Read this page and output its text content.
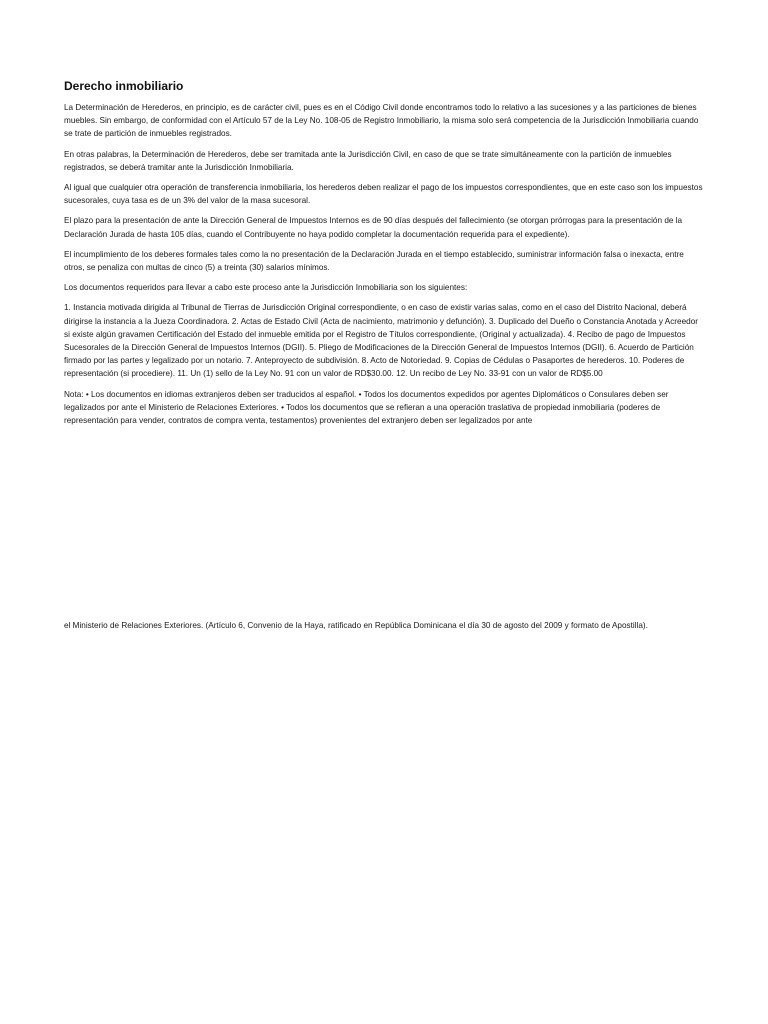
Derecho inmobiliario

La Determinación de Herederos, en principio, es de carácter civil, pues es en el Código Civil donde encontramos todo lo relativo a las sucesiones y a las particiones de bienes muebles. Sin embargo, de conformidad con el Artículo 57 de la Ley No. 108-05 de Registro Inmobiliario, la misma solo será competencia de la Jurisdicción Inmobiliaria cuando se trate de partición de inmuebles registrados.

En otras palabras, la Determinación de Herederos, debe ser tramitada ante la Jurisdicción Civil, en caso de que se trate simultáneamente con la partición de inmuebles registrados, se deberá tramitar ante la Jurisdicción Inmobiliaria.

Al igual que cualquier otra operación de transferencia inmobiliaria, los herederos deben realizar el pago de los impuestos correspondientes, que en este caso son los impuestos sucesorales, cuya tasa es de un 3% del valor de la masa sucesoral.

El plazo para la presentación de ante la Dirección General de Impuestos Internos es de 90 días después del fallecimiento (se otorgan prórrogas para la presentación de la Declaración Jurada de hasta 105 días, cuando el Contribuyente no haya podido completar la documentación requerida para el expediente).

El incumplimiento de los deberes formales tales como la no presentación de la Declaración Jurada en el tiempo establecido, suministrar información falsa o inexacta, entre otros, se penaliza con multas de cinco (5) a treinta (30) salarios mínimos.

Los documentos requeridos para llevar a cabo este proceso ante la Jurisdicción Inmobiliaria son los siguientes:

1. Instancia motivada dirigida al Tribunal de Tierras de Jurisdicción Original correspondiente, o en caso de existir varias salas, como en el caso del Distrito Nacional, deberá dirigirse la instancia a la Jueza Coordinadora. 2. Actas de Estado Civil (Acta de nacimiento, matrimonio y defunción). 3. Duplicado del Dueño o Constancia Anotada y Acreedor si existe algún gravamen Certificación del Estado del inmueble emitida por el Registro de Títulos correspondiente, (Original y actualizada). 4. Recibo de pago de Impuestos Sucesorales de la Dirección General de Impuestos Internos (DGII). 5. Pliego de Modificaciones de la Dirección General de Impuestos Internos (DGII). 6. Acuerdo de Partición firmado por las partes y legalizado por un notario. 7. Anteproyecto de subdivisión. 8. Acto de Notoriedad. 9. Copias de Cédulas o Pasaportes de herederos. 10. Poderes de representación (si procediere). 11. Un (1) sello de la Ley No. 91 con un valor de RD$30.00. 12. Un recibo de Ley No. 33-91 con un valor de RD$5.00

Nota: • Los documentos en idiomas extranjeros deben ser traducidos al español. • Todos los documentos expedidos por agentes Diplomáticos o Consulares deben ser legalizados por ante el Ministerio de Relaciones Exteriores. • Todos los documentos que se refieran a una operación traslativa de propiedad inmobiliaria (poderes de representación para vender, contratos de compra venta, testamentos) provenientes del extranjero deben ser legalizados por ante

el Ministerio de Relaciones Exteriores. (Artículo 6, Convenio de la Haya, ratificado en República Dominicana el día 30 de agosto del 2009 y formato de Apostilla).
